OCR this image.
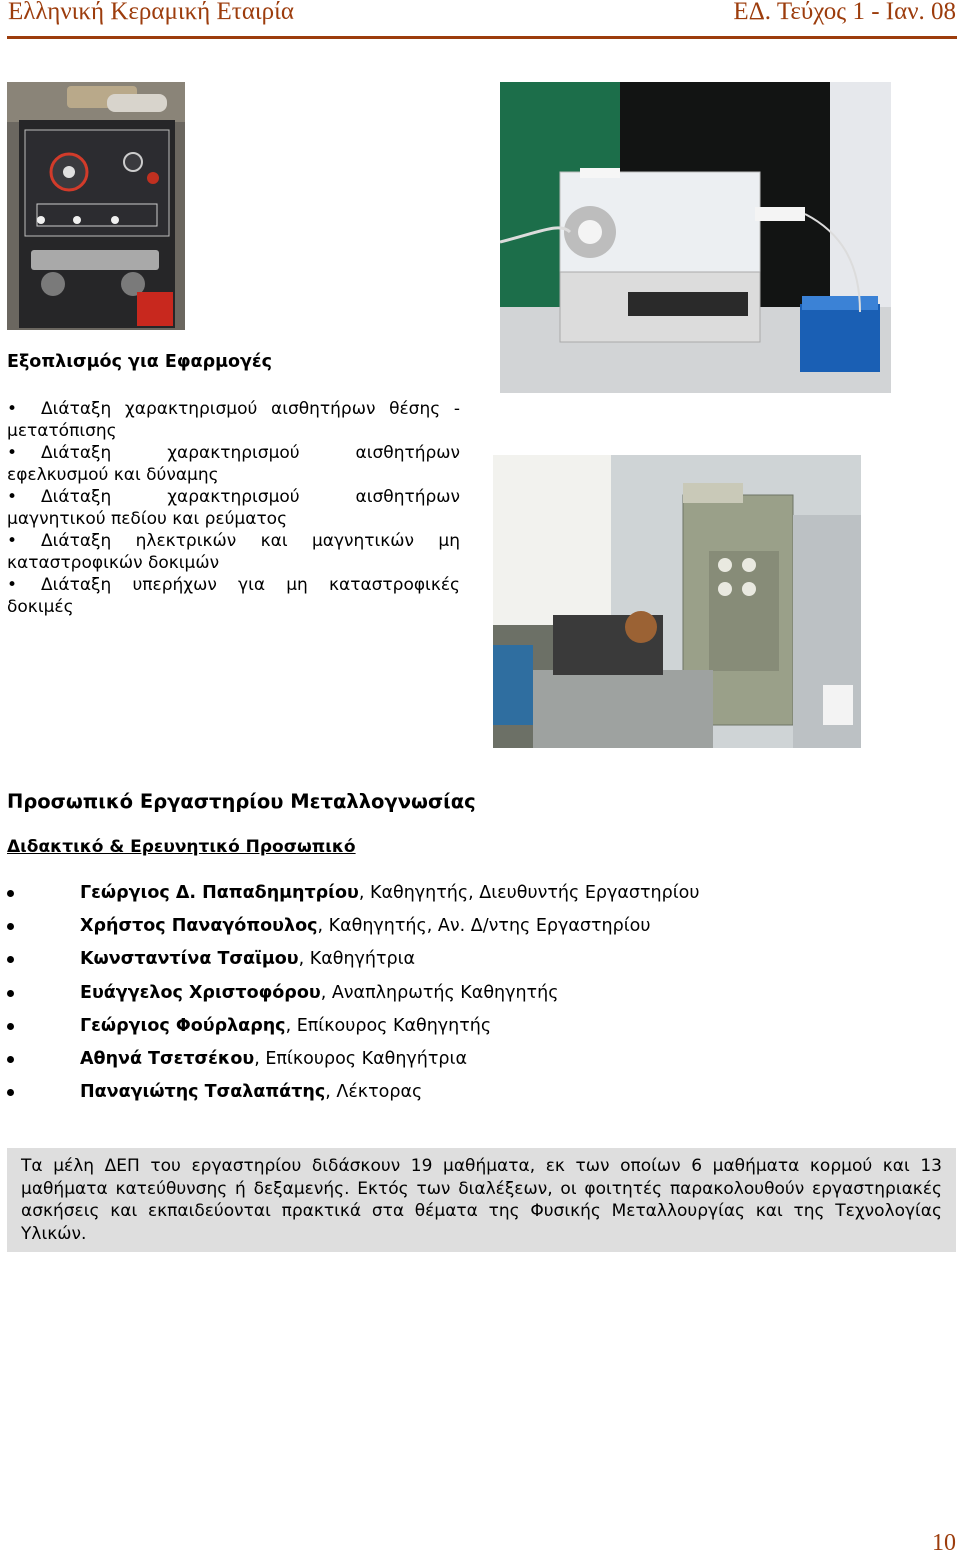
Ελληνική Κεραμική Εταιρία	ΕΔ. Τεύχος 1 - Ιαν. 08
Εξοπλισμός για Εφαρμογές
• Διάταξη χαρακτηρισμού αισθητήρων θέσης - μετατόπισης
• Διάταξη χαρακτηρισμού αισθητήρων εφελκυσμού και δύναμης
• Διάταξη χαρακτηρισμού αισθητήρων μαγνητικού πεδίου και ρεύματος
• Διάταξη ηλεκτρικών και μαγνητικών μη καταστροφικών δοκιμών
• Διάταξη υπερήχων για μη καταστροφικές δοκιμές
Προσωπικό Εργαστηρίου Μεταλλογνωσίας
Διδακτικό & Ερευνητικό Προσωπικό
Γεώργιος Δ. Παπαδημητρίου, Καθηγητής, Διευθυντής Εργαστηρίου
Χρήστος Παναγόπουλος, Καθηγητής, Αν. Δ/ντης Εργαστηρίου
Κωνσταντίνα Τσαϊμου, Καθηγήτρια
Ευάγγελος Χριστοφόρου, Αναπληρωτής Καθηγητής
Γεώργιος Φούρλαρης, Επίκουρος Καθηγητής
Αθηνά Τσετσέκου, Επίκουρος Καθηγήτρια
Παναγιώτης Τσαλαπάτης, Λέκτορας
Τα μέλη ΔΕΠ του εργαστηρίου διδάσκουν 19 μαθήματα, εκ των οποίων 6 μαθήματα κορμού και 13 μαθήματα κατεύθυνσης ή δεξαμενής. Εκτός των διαλέξεων, οι φοιτητές παρακολουθούν εργαστηριακές ασκήσεις και εκπαιδεύονται πρακτικά στα θέματα της Φυσικής Μεταλλουργίας και της Τεχνολογίας Υλικών.
10
